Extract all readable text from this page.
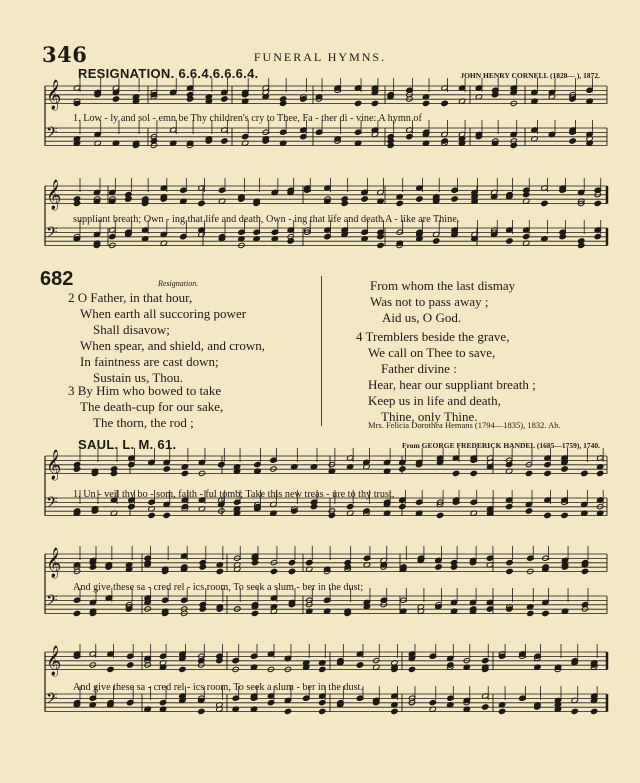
346	FUNERAL HYMNS.
RESIGNATION. 6.6.4.6.6.6.4.	JOHN HENRY CORNELL (1828— ), 1872.
𝄞
𝄢
1. Low - ly and sol - emn be Thy children's cry to Thee, Fa - ther di - vine: A hymn of
𝄞
𝄢
suppliant breath; Own - ing that life and death, Own - ing that life and death A - like are Thine.
682	Resignation.
2 O Father, in that hour,
When earth all succoring power
Shall disavow;
When spear, and shield, and crown,
In faintness are cast down;
Sustain us, Thou.
3 By Him who bowed to take
The death-cup for our sake,
The thorn, the rod ;
From whom the last dismay
Was not to pass away ;
Aid us, O God.
4 Tremblers beside the grave,
We call on Thee to save,
Father divine :
Hear, hear our suppliant breath ;
Keep us in life and death,
Thine, only Thine.
Mrs. Felicia Dorothea Hemans (1794—1835), 1832. Ab.
SAUL. L. M. 61.	From GEORGE FREDERICK HANDEL (1685—1759), 1740.
𝄞
𝄢 1. Un - veil thy bo - som, faith - ful tomb; Take this new treas - ure to thy trust,
𝄞
𝄢
And give these sa - cred rel - ics room, To seek a slum - ber in the dust;
𝄞
𝄢
And give these sa - cred rel - ics room, To seek a slum - ber in the dust.
